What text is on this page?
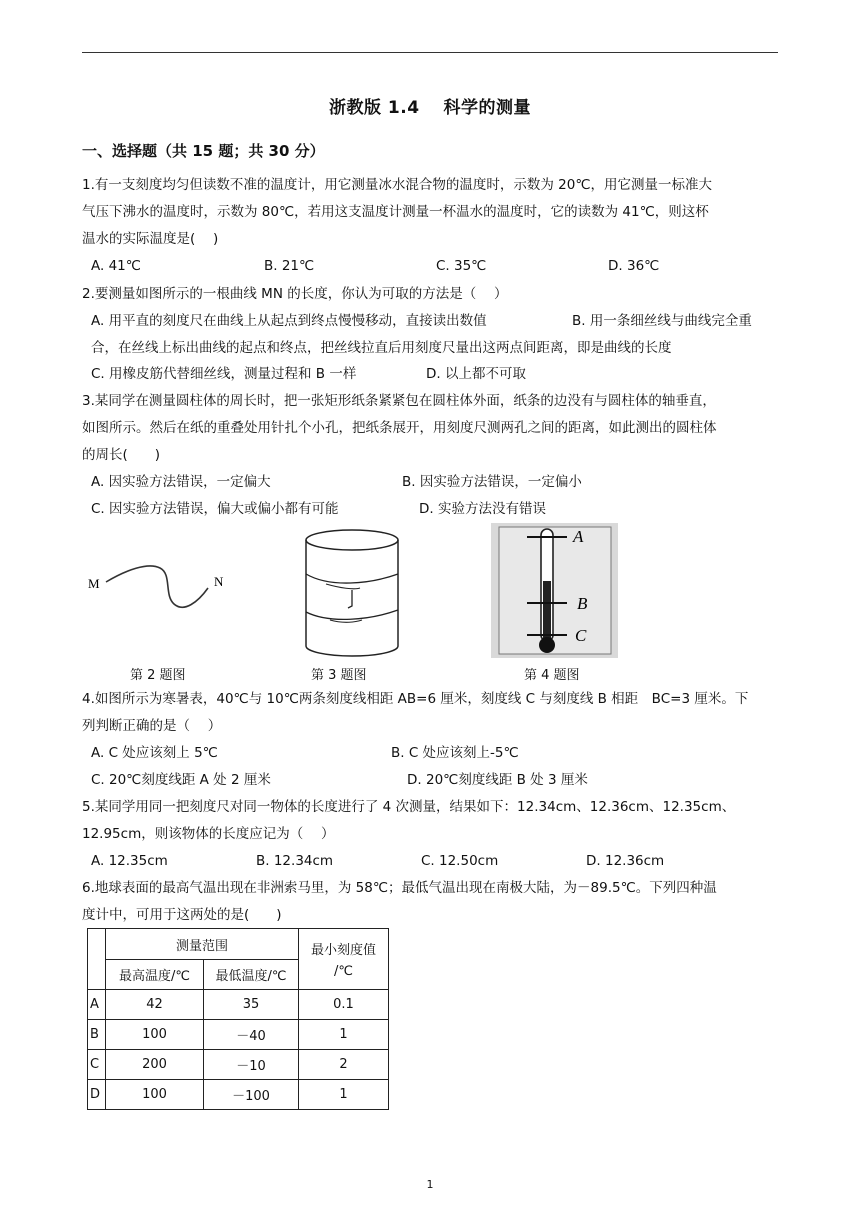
浙教版 1.4　 科学的测量
一、选择题（共 15 题；共 30 分）
1.有一支刻度均匀但读数不准的温度计，用它测量冰水混合物的温度时，示数为 20℃，用它测量一标准大
气压下沸水的温度时，示数为 80℃，若用这支温度计测量一杯温水的温度时，它的读数为 41℃，则这杯
温水的实际温度是(　 )
A. 41℃	B. 21℃	C. 35℃	D. 36℃
2.要测量如图所示的一根曲线 MN 的长度，你认为可取的方法是（　 ）
A. 用平直的刻度尺在曲线上从起点到终点慢慢移动，直接读出数值	B. 用一条细丝线与曲线完全重
合，在丝线上标出曲线的起点和终点，把丝线拉直后用刻度尺量出这两点间距离，即是曲线的长度
C. 用橡皮筋代替细丝线，测量过程和 B 一样	D. 以上都不可取
3.某同学在测量圆柱体的周长时，把一张矩形纸条紧紧包在圆柱体外面，纸条的边没有与圆柱体的轴垂直，
如图所示。然后在纸的重叠处用针扎个小孔，把纸条展开，用刻度尺测两孔之间的距离，如此测出的圆柱体
的周长(　　)
A. 因实验方法错误，一定偏大	B. 因实验方法错误，一定偏小
C. 因实验方法错误，偏大或偏小都有可能	D. 实验方法没有错误
M	N
A
B
C
第 2 题图	第 3 题图	第 4 题图
4.如图所示为寒暑表，40℃与 10℃两条刻度线相距 AB=6 厘米，刻度线 C 与刻度线 B 相距　BC=3 厘米。下
列判断正确的是（　 ）
A. C 处应该刻上 5℃	B. C 处应该刻上-5℃
C. 20℃刻度线距 A 处 2 厘米	D. 20℃刻度线距 B 处 3 厘米
5.某同学用同一把刻度尺对同一物体的长度进行了 4 次测量，结果如下：12.34cm、12.36cm、12.35cm、
12.95cm，则该物体的长度应记为（　 ）
A. 12.35cm	B. 12.34cm	C. 12.50cm	D. 12.36cm
6.地球表面的最高气温出现在非洲索马里，为 58℃；最低气温出现在南极大陆，为－89.5℃。下列四种温
度计中，可用于这两处的是(　　)
	测量范围		最小刻度值
/℃

	最高温度/℃	最低温度/℃	
A	42	35	0.1
B	100	－40	1
C	200	－10	2
D	100	－100	1
1
